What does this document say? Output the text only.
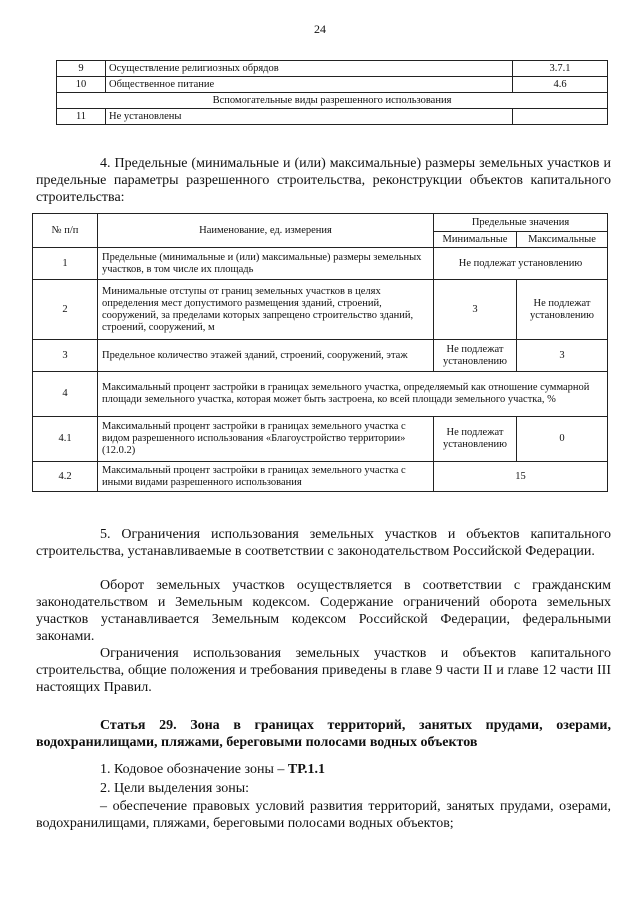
24
9	Осуществление религиозных обрядов	3.7.1
10	Общественное питание	4.6
Вспомогательные виды разрешенного использования		
11	Не установлены	

4. Предельные (минимальные и (или) максимальные) размеры земельных участков и предельные параметры разрешенного строительства, реконструкции объектов капитального строительства:

№ п/п	Наименование, ед. измерения	Предельные значения	
		Минимальные	Максимальные
1	Предельные (минимальные и (или) максимальные) размеры земельных участков, в том числе их площадь	Не подлежат установлению	
2	Минимальные отступы от границ земельных участков в целях определения мест допустимого размещения зданий, строений, сооружений, за пределами которых запрещено строительство зданий, строений, сооружений, м	3	Не подлежат установлению
3	Предельное количество этажей зданий, строений, сооружений, этаж	Не подлежат установлению	3
4	Максимальный процент застройки в границах земельного участка, определяемый как отношение суммарной площади земельного участка, которая может быть застроена, ко всей площади земельного участка, %		
4.1	Максимальный процент застройки в границах земельного участка с видом разрешенного использования «Благоустройство территории» (12.0.2)	Не подлежат установлению	0
4.2	Максимальный процент застройки в границах земельного участка с иными видами разрешенного использования	15	

5. Ограничения использования земельных участков и объектов капитального строительства, устанавливаемые в соответствии с законодательством Российской Федерации.

Оборот земельных участков осуществляется в соответствии с гражданским законодательством и Земельным кодексом. Содержание ограничений оборота земельных участков устанавливается Земельным кодексом Российской Федерации, федеральными законами.

Ограничения использования земельных участков и объектов капитального строительства, общие положения и требования приведены в главе 9 части II и главе 12 части III настоящих Правил.

Статья 29. Зона в границах территорий, занятых прудами, озерами, водохранилищами, пляжами, береговыми полосами водных объектов

1. Кодовое обозначение зоны – ТР.1.1

2. Цели выделения зоны:

– обеспечение правовых условий развития территорий, занятых прудами, озерами, водохранилищами, пляжами, береговыми полосами водных объектов;
